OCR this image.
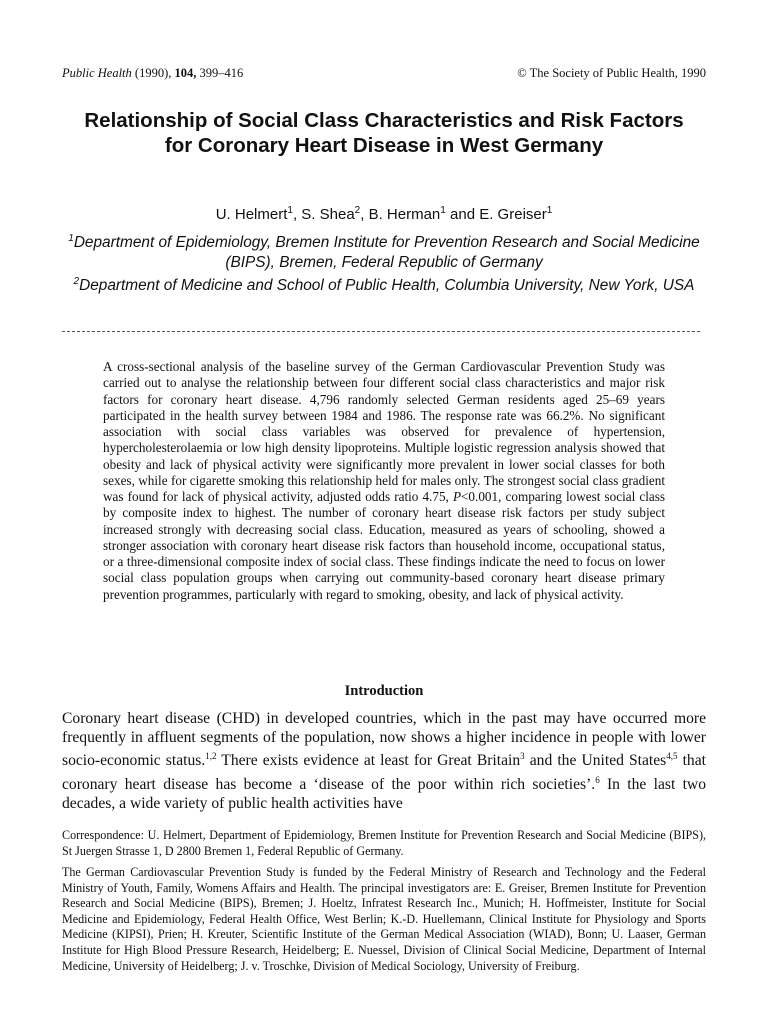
Public Health (1990), 104, 399–416	© The Society of Public Health, 1990
Relationship of Social Class Characteristics and Risk Factors for Coronary Heart Disease in West Germany
U. Helmert$^1$, S. Shea$^2$, B. Herman$^1$ and E. Greiser$^1$
$^1$Department of Epidemiology, Bremen Institute for Prevention Research and Social Medicine (BIPS), Bremen, Federal Republic of Germany
$^2$Department of Medicine and School of Public Health, Columbia University, New York, USA

A cross-sectional analysis of the baseline survey of the German Cardiovascular Prevention Study was carried out to analyse the relationship between four different social class characteristics and major risk factors for coronary heart disease. 4,796 randomly selected German residents aged 25–69 years participated in the health survey between 1984 and 1986. The response rate was 66.2%. No significant association with social class variables was observed for prevalence of hypertension, hypercholesterolaemia or low high density lipoproteins. Multiple logistic regression analysis showed that obesity and lack of physical activity were significantly more prevalent in lower social classes for both sexes, while for cigarette smoking this relationship held for males only. The strongest social class gradient was found for lack of physical activity, adjusted odds ratio 4.75, P<0.001, comparing lowest social class by composite index to highest. The number of coronary heart disease risk factors per study subject increased strongly with decreasing social class. Education, measured as years of schooling, showed a stronger association with coronary heart disease risk factors than household income, occupational status, or a three-dimensional composite index of social class. These findings indicate the need to focus on lower social class population groups when carrying out community-based coronary heart disease primary prevention programmes, particularly with regard to smoking, obesity, and lack of physical activity.

Introduction

Coronary heart disease (CHD) in developed countries, which in the past may have occurred more frequently in affluent segments of the population, now shows a higher incidence in people with lower socio-economic status.$^{1,2}$ There exists evidence at least for Great Britain$^3$ and the United States$^{4,5}$ that coronary heart disease has become a ‘disease of the poor within rich societies’.$^6$ In the last two decades, a wide variety of public health activities have

Correspondence: U. Helmert, Department of Epidemiology, Bremen Institute for Prevention Research and Social Medicine (BIPS), St Juergen Strasse 1, D 2800 Bremen 1, Federal Republic of Germany.

The German Cardiovascular Prevention Study is funded by the Federal Ministry of Research and Technology and the Federal Ministry of Youth, Family, Womens Affairs and Health. The principal investigators are: E. Greiser, Bremen Institute for Prevention Research and Social Medicine (BIPS), Bremen; J. Hoeltz, Infratest Research Inc., Munich; H. Hoffmeister, Institute for Social Medicine and Epidemiology, Federal Health Office, West Berlin; K.-D. Huellemann, Clinical Institute for Physiology and Sports Medicine (KIPSI), Prien; H. Kreuter, Scientific Institute of the German Medical Association (WIAD), Bonn; U. Laaser, German Institute for High Blood Pressure Research, Heidelberg; E. Nuessel, Division of Clinical Social Medicine, Department of Internal Medicine, University of Heidelberg; J. v. Troschke, Division of Medical Sociology, University of Freiburg.
